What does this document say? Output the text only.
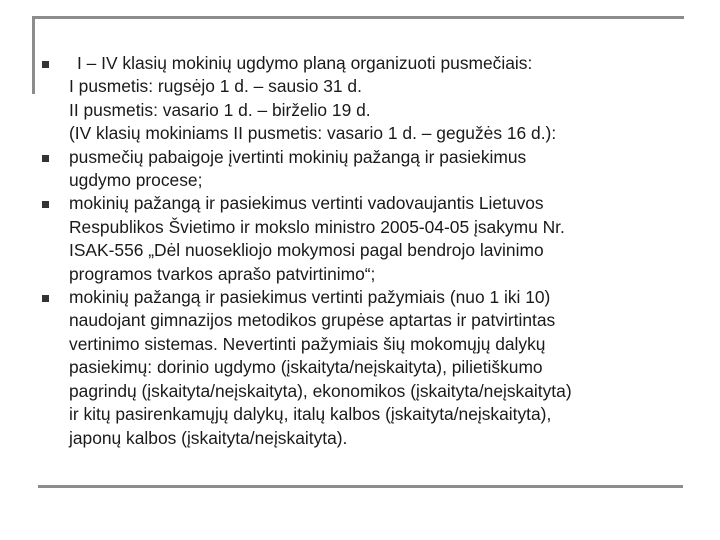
I – IV klasių mokinių ugdymo planą organizuoti pusmečiais:
I pusmetis: rugsėjo 1 d. – sausio 31 d.
II pusmetis: vasario 1 d. – birželio 19 d.
(IV klasių mokiniams II pusmetis: vasario 1 d. – gegužės 16 d.):
pusmečių pabaigoje įvertinti mokinių pažangą ir pasiekimus
ugdymo procese;
mokinių pažangą ir pasiekimus vertinti vadovaujantis Lietuvos
Respublikos Švietimo ir mokslo ministro 2005-04-05 įsakymu Nr.
ISAK-556 „Dėl nuosekliojo mokymosi pagal bendrojo lavinimo
programos tvarkos aprašo patvirtinimo“;
mokinių pažangą ir pasiekimus vertinti pažymiais (nuo 1 iki 10)
naudojant gimnazijos metodikos grupėse aptartas ir patvirtintas
vertinimo sistemas. Nevertinti pažymiais šių mokomųjų dalykų
pasiekimų: dorinio ugdymo (įskaityta/neįskaityta), pilietiškumo
pagrindų (įskaityta/neįskaityta), ekonomikos (įskaityta/neįskaityta)
ir kitų pasirenkamųjų dalykų, italų kalbos (įskaityta/neįskaityta),
japonų kalbos (įskaityta/neįskaityta).
